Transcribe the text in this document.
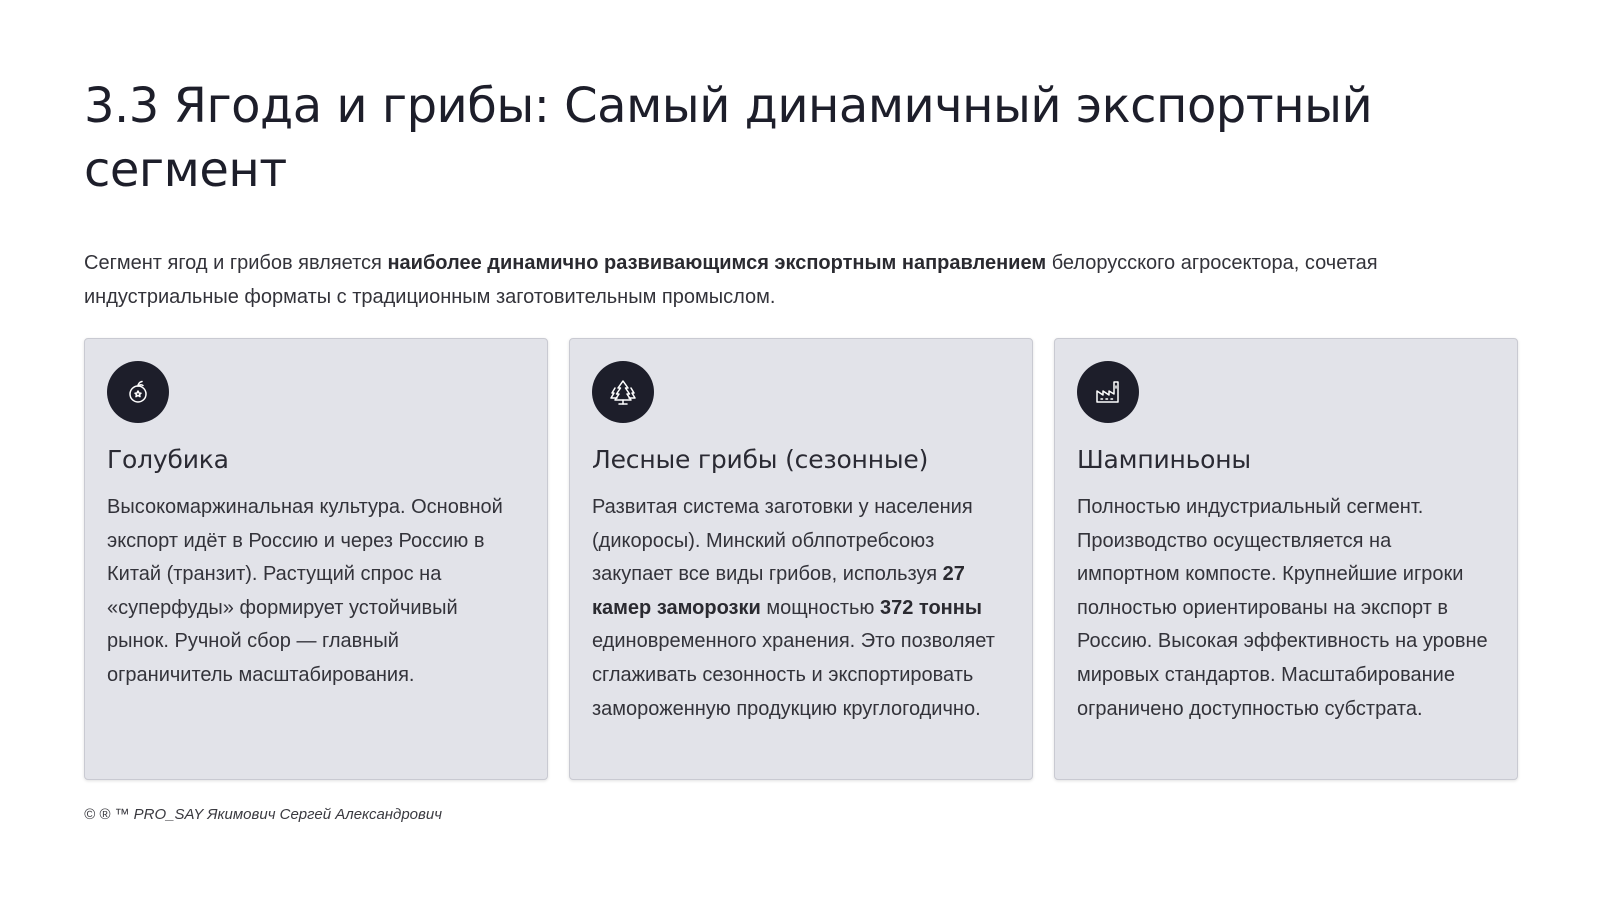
3.3 Ягода и грибы: Самый динамичный экспортный сегмент

Сегмент ягод и грибов является наиболее динамично развивающимся экспортным направлением белорусского агросектора, сочетая индустриальные форматы с традиционным заготовительным промыслом.

Голубика

Высокомаржинальная культура. Основной экспорт идёт в Россию и через Россию в Китай (транзит). Растущий спрос на «суперфуды» формирует устойчивый рынок. Ручной сбор — главный ограничитель масштабирования.

Лесные грибы (сезонные)

Развитая система заготовки у населения (дикоросы). Минский облпотребсоюз закупает все виды грибов, используя 27 камер заморозки мощностью 372 тонны единовременного хранения. Это позволяет сглаживать сезонность и экспортировать замороженную продукцию круглогодично.

Шампиньоны

Полностью индустриальный сегмент. Производство осуществляется на импортном компосте. Крупнейшие игроки полностью ориентированы на экспорт в Россию. Высокая эффективность на уровне мировых стандартов. Масштабирование ограничено доступностью субстрата.

© ® ™ PRO_SAY Якимович Сергей Александрович
